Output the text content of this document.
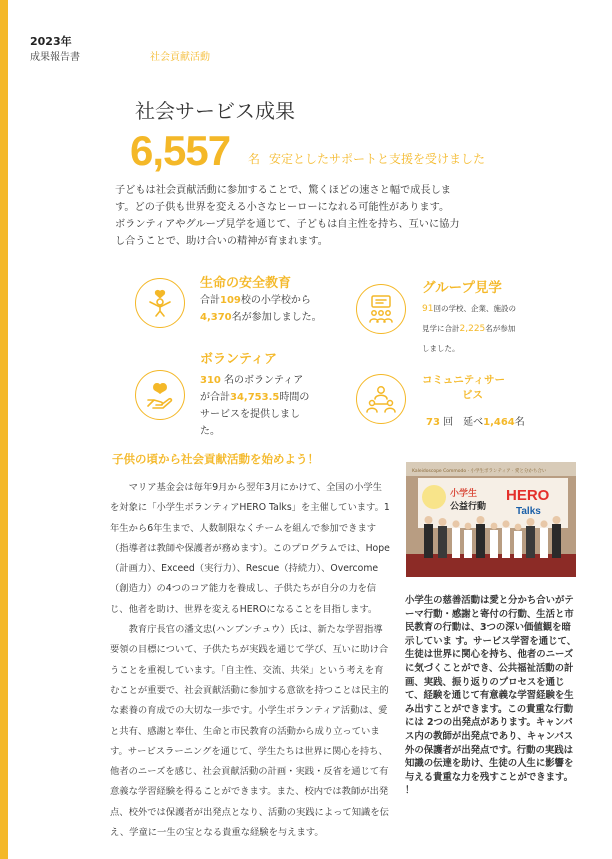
2023年
成果報告書	社会貢献活動
社会サービス成果
6,557 名 安定としたサポートと支援を受けました

子どもは社会貢献活動に参加することで、驚くほどの速さと幅で成長しま

す。どの子供も世界を変える小さなヒーローになれる可能性があります。

ボランティアやグループ見学を通じて、子どもは自主性を持ち、互いに協力

し合うことで、助け合いの精神が育まれます。

生命の安全教育
合計109校の小学校から
4,370名が参加しました。
グループ見学
91回の学校、企業、施設の
見学に合計2,225名が参加
しました。
ボランティア
310 名のボランティア
が合計34,753.5時間の
サービスを提供しまし
た。
コミュニティサー
ビス
73 回　延べ1,464名
子供の頃から社会貢献活動を始めよう！

マリア基金会は毎年9月から翌年3月にかけて、全国の小学生を対象に「小学生ボランティアHERO Talks」を主催しています。1年生から6年生まで、人数制限なくチームを組んで参加できます（指導者は教師や保護者が務めます）。このプログラムでは、Hope（計画力）、Exceed（実行力）、Rescue（持続力）、Overcome（創造力）の4つのコア能力を養成し、子供たちが自分の力を信じ、他者を助け、世界を変えるHEROになることを目指します。

教育庁長官の潘文忠(ハンブンチュウ）氏は、新たな学習指導要領の目標について、子供たちが実践を通じて学び、互いに助け合うことを重視しています。「自主性、交流、共栄」という考えを育むことが重要で、社会貢献活動に参加する意欲を持つことは民主的な素養の育成での大切な一歩です。小学生ボランティア活動は、愛と共有、感謝と奉仕、生命と市民教育の活動から成り立っています。サービスラーニングを通じて、学生たちは世界に関心を持ち、他者のニーズを感じ、社会貢献活動の計画・実践・反省を通じて有意義な学習経験を得ることができます。また、校内では教師が出発点、校外では保護者が出発点となり、活動の実践によって知識を伝え、学童に一生の宝となる貴重な経験を与えます。

Kaleidoscope Commodo · 小学生ボランティア · 愛と分かち合い
小学生
公益行動
HERO
Talks
小学生の慈善活動は愛と分かち合いがテーマ行動・感謝と寄付の行動、生活と市民教育の行動は、3つの深い価値観を暗示していま す。サービス学習を通じて、生徒は世界に関心を持ち、他者のニーズに気づくことができ、公共福祉活動の計画、実践、振り返りのプロセスを通じて、経験を通じて有意義な学習経験を生み出すことができます。この貴重な行動には 2つの出発点があります。キャンパス内の教師が出発点であり、キャンパス外の保護者が出発点です。行動の実践は知識の伝達を助け、生徒の人生に影響を与える貴重な力を残すことができます。 ！
